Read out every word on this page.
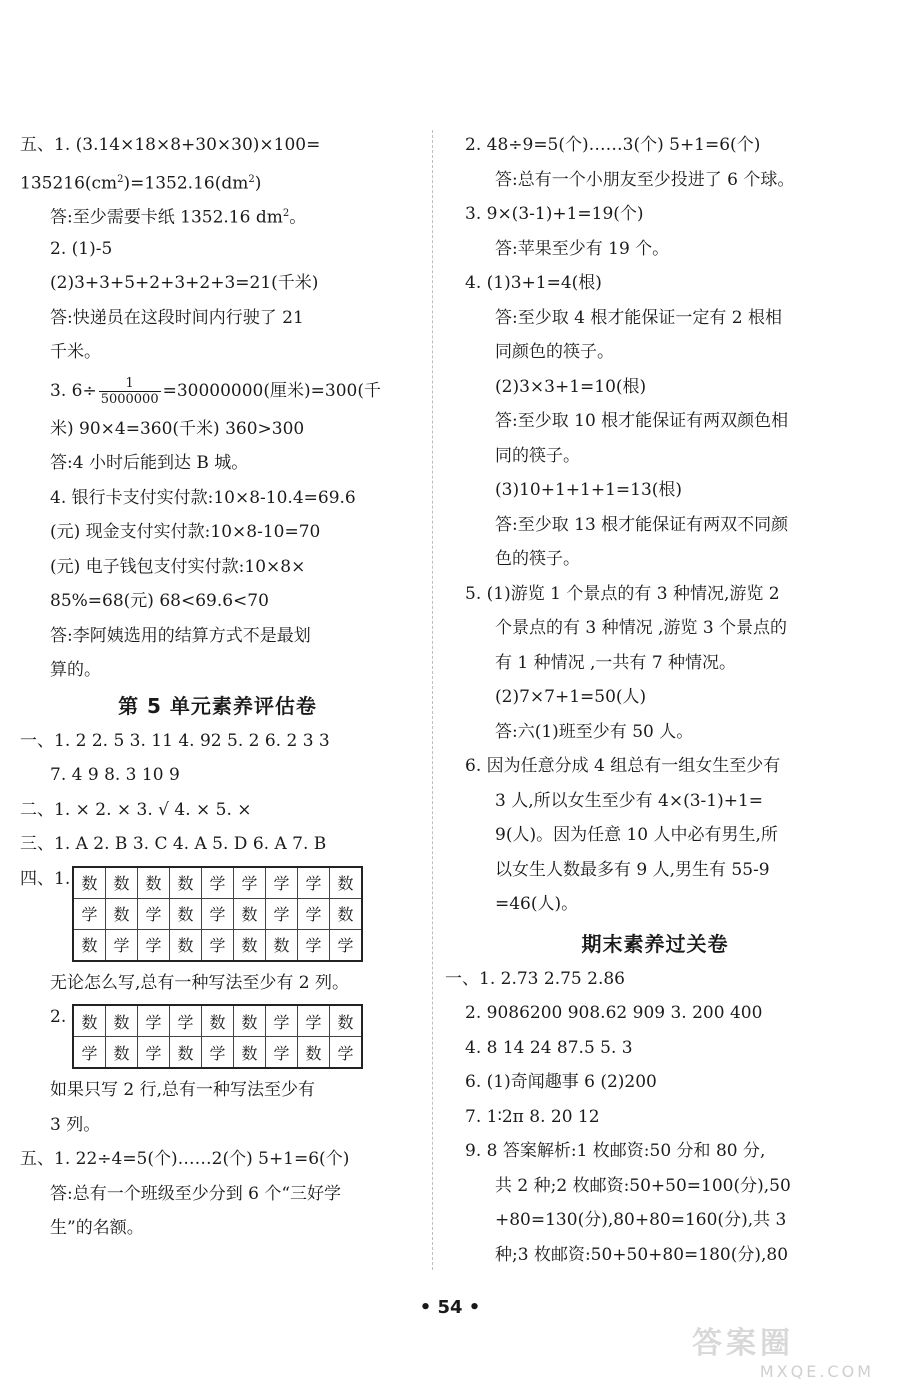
五、1. (3.14×18×8+30×30)×100=
$135216(cm^2)=1352.16(dm^2)$
答:至少需要卡纸 1352.16 $dm^2$。
2. (1)-5
(2)3+3+5+2+3+2+3=21(千米)
答:快递员在这段时间内行驶了 21
千米。
3. $6\div \frac{1}{5000000} =30000000$(厘米)=300(千
米) 90×4=360(千米) 360>300
答:4 小时后能到达 B 城。
4. 银行卡支付实付款:10×8-10.4=69.6
(元) 现金支付实付款:10×8-10=70
(元) 电子钱包支付实付款:10×8×
85%=68(元) 68<69.6<70
答:李阿姨选用的结算方式不是最划
算的。
第 5 单元素养评估卷
一、1. 2 2. 5 3. 11 4. 92 5. 2 6. 2 3 3
7. 4 9 8. 3 10 9
二、1. × 2. × 3. √ 4. × 5. ×
三、1. A 2. B 3. C 4. A 5. D 6. A 7. B
四、1. 数	数	数	数	学	学	学	学	数
学	数	学	数	学	数	学	学	数
数	学	学	数	学	数	数	学	学
无论怎么写,总有一种写法至少有 2 列。
2. 数	数	学	学	数	数	学	学	数
学	数	学	数	学	数	学	数	学
如果只写 2 行,总有一种写法至少有
3 列。
五、1. 22÷4=5(个)……2(个) 5+1=6(个)
答:总有一个班级至少分到 6 个“三好学
生”的名额。
2. 48÷9=5(个)……3(个) 5+1=6(个)
答:总有一个小朋友至少投进了 6 个球。
3. 9×(3-1)+1=19(个)
答:苹果至少有 19 个。
4. (1)3+1=4(根)
答:至少取 4 根才能保证一定有 2 根相
同颜色的筷子。
(2)3×3+1=10(根)
答:至少取 10 根才能保证有两双颜色相
同的筷子。
(3)10+1+1+1=13(根)
答:至少取 13 根才能保证有两双不同颜
色的筷子。
5. (1)游览 1 个景点的有 3 种情况,游览 2
个景点的有 3 种情况 ,游览 3 个景点的
有 1 种情况 ,一共有 7 种情况。
(2)7×7+1=50(人)
答:六(1)班至少有 50 人。
6. 因为任意分成 4 组总有一组女生至少有
3 人,所以女生至少有 4×(3-1)+1=
9(人)。因为任意 10 人中必有男生,所
以女生人数最多有 9 人,男生有 55-9
=46(人)。
期末素养过关卷
一、1. 2.73 2.75 2.86
2. 9086200 908.62 909 3. 200 400
4. 8 14 24 87.5 5. 3
6. (1)奇闻趣事 6 (2)200
7. 1∶2π 8. 20 12
9. 8 答案解析:1 枚邮资:50 分和 80 分,
共 2 种;2 枚邮资:50+50=100(分),50
+80=130(分),80+80=160(分),共 3
种;3 枚邮资:50+50+80=180(分),80
• 54 •
答案圈
MXQE.COM
